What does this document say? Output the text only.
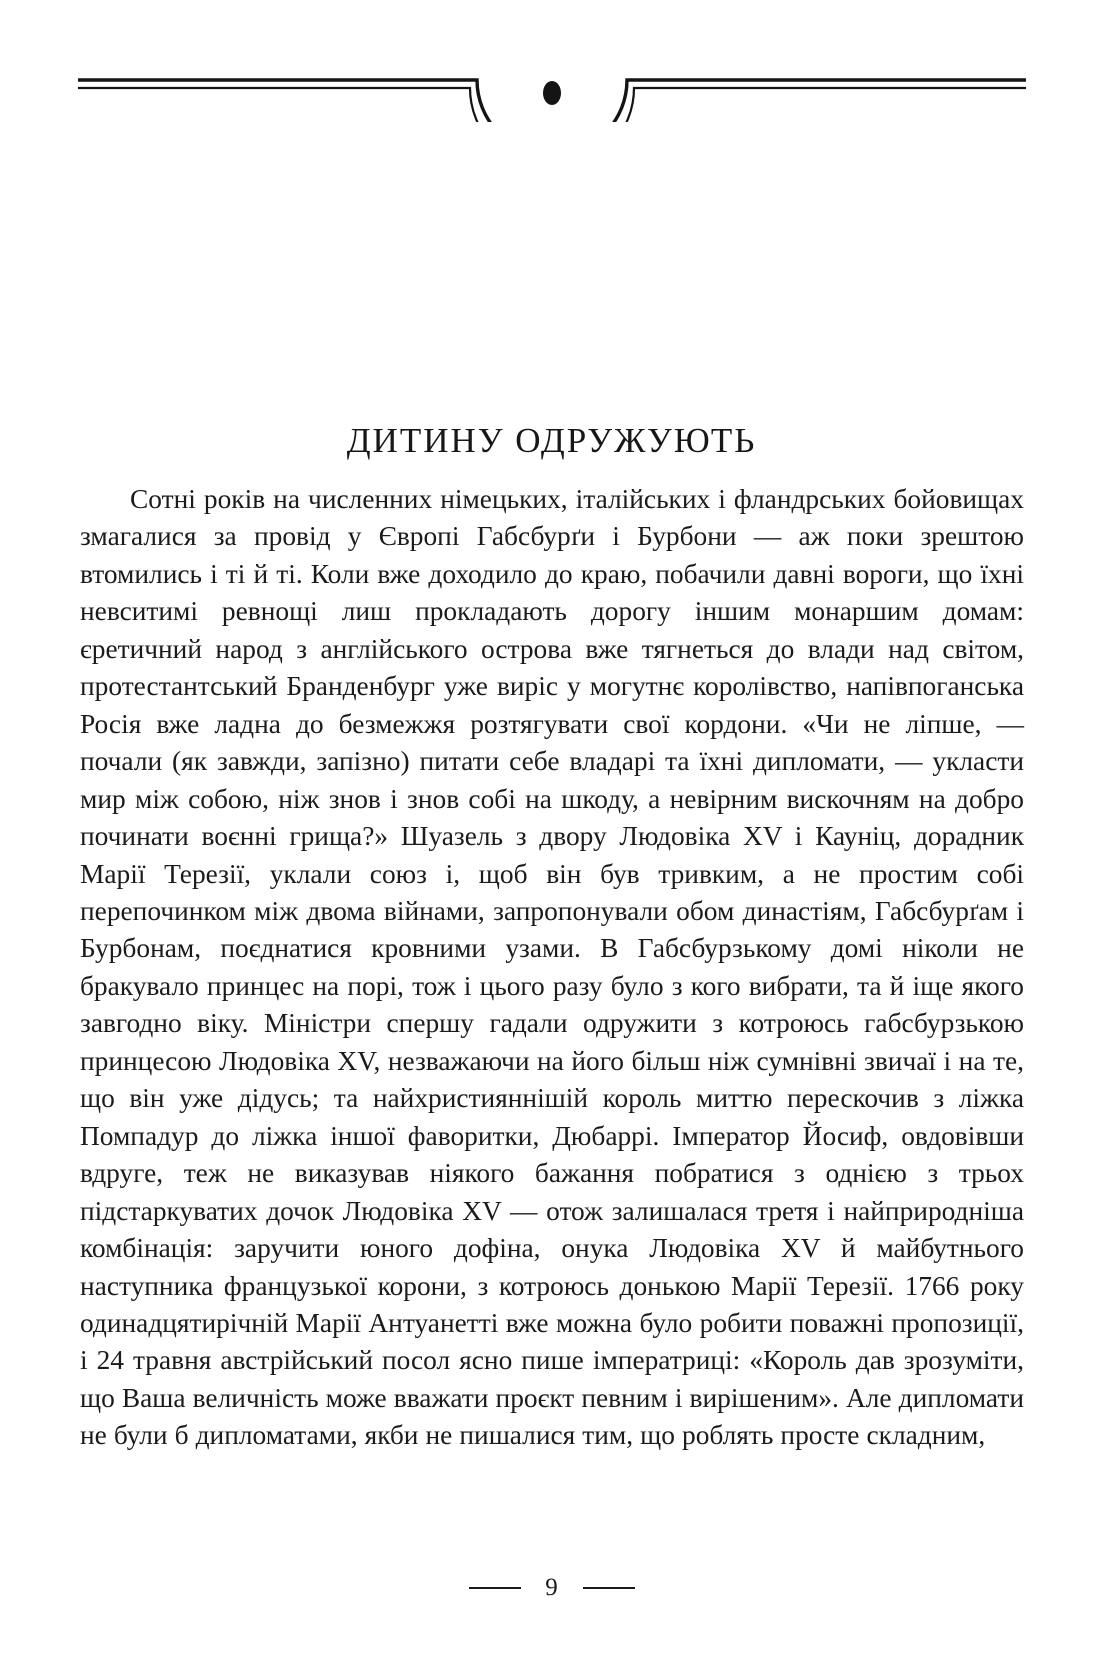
ДИТИНУ ОДРУЖУЮТЬ

Сотні років на численних німецьких, італійських і фландрських бойовищах змагалися за провід у Європі Габсбурґи і Бурбони — аж поки зрештою втомились і ті й ті. Коли вже доходило до краю, побачили давні вороги, що їхні невситимі ревнощі лиш прокладають дорогу іншим монаршим домам: єретичний народ з англійського острова вже тягнеться до влади над світом, протестантський Бранденбург уже виріс у могутнє королівство, напівпоганська Росія вже ладна до безмежжя розтягувати свої кордони. «Чи не ліпше, — почали (як завжди, запізно) питати себе владарі та їхні дипломати, — укласти мир між собою, ніж знов і знов собі на шкоду, а невірним вискочням на добро починати воєнні грища?» Шуазель з двору Людовіка XV і Кауніц, дорадник Марії Терезії, уклали союз і, щоб він був тривким, а не простим собі перепочинком між двома війнами, запропонували обом династіям, Габсбурґам і Бурбонам, поєднатися кровними узами. В Габсбурзькому домі ніколи не бракувало принцес на порі, тож і цього разу було з кого вибрати, та й іще якого завгодно віку. Міністри спершу гадали одружити з котроюсь габсбурзькою принцесою Людовіка XV, незважаючи на його більш ніж сумнівні звичаї і на те, що він уже дідусь; та найхристияннішій король миттю перескочив з ліжка Помпадур до ліжка іншої фаворитки, Дюбаррі. Імператор Йосиф, овдовівши вдруге, теж не виказував ніякого бажання побратися з однією з трьох підстаркуватих дочок Людовіка XV — отож залишалася третя і найприродніша комбінація: заручити юного дофіна, онука Людовіка XV й майбутнього наступника французької корони, з котроюсь донькою Марії Терезії. 1766 року одинадцятирічній Марії Антуанетті вже можна було робити поважні пропозиції, і 24 травня австрійський посол ясно пише імператриці: «Король дав зрозуміти, що Ваша величність може вважати проєкт певним і вирішеним». Але дипломати не були б дипломатами, якби не пишалися тим, що роблять просте складним,

9
